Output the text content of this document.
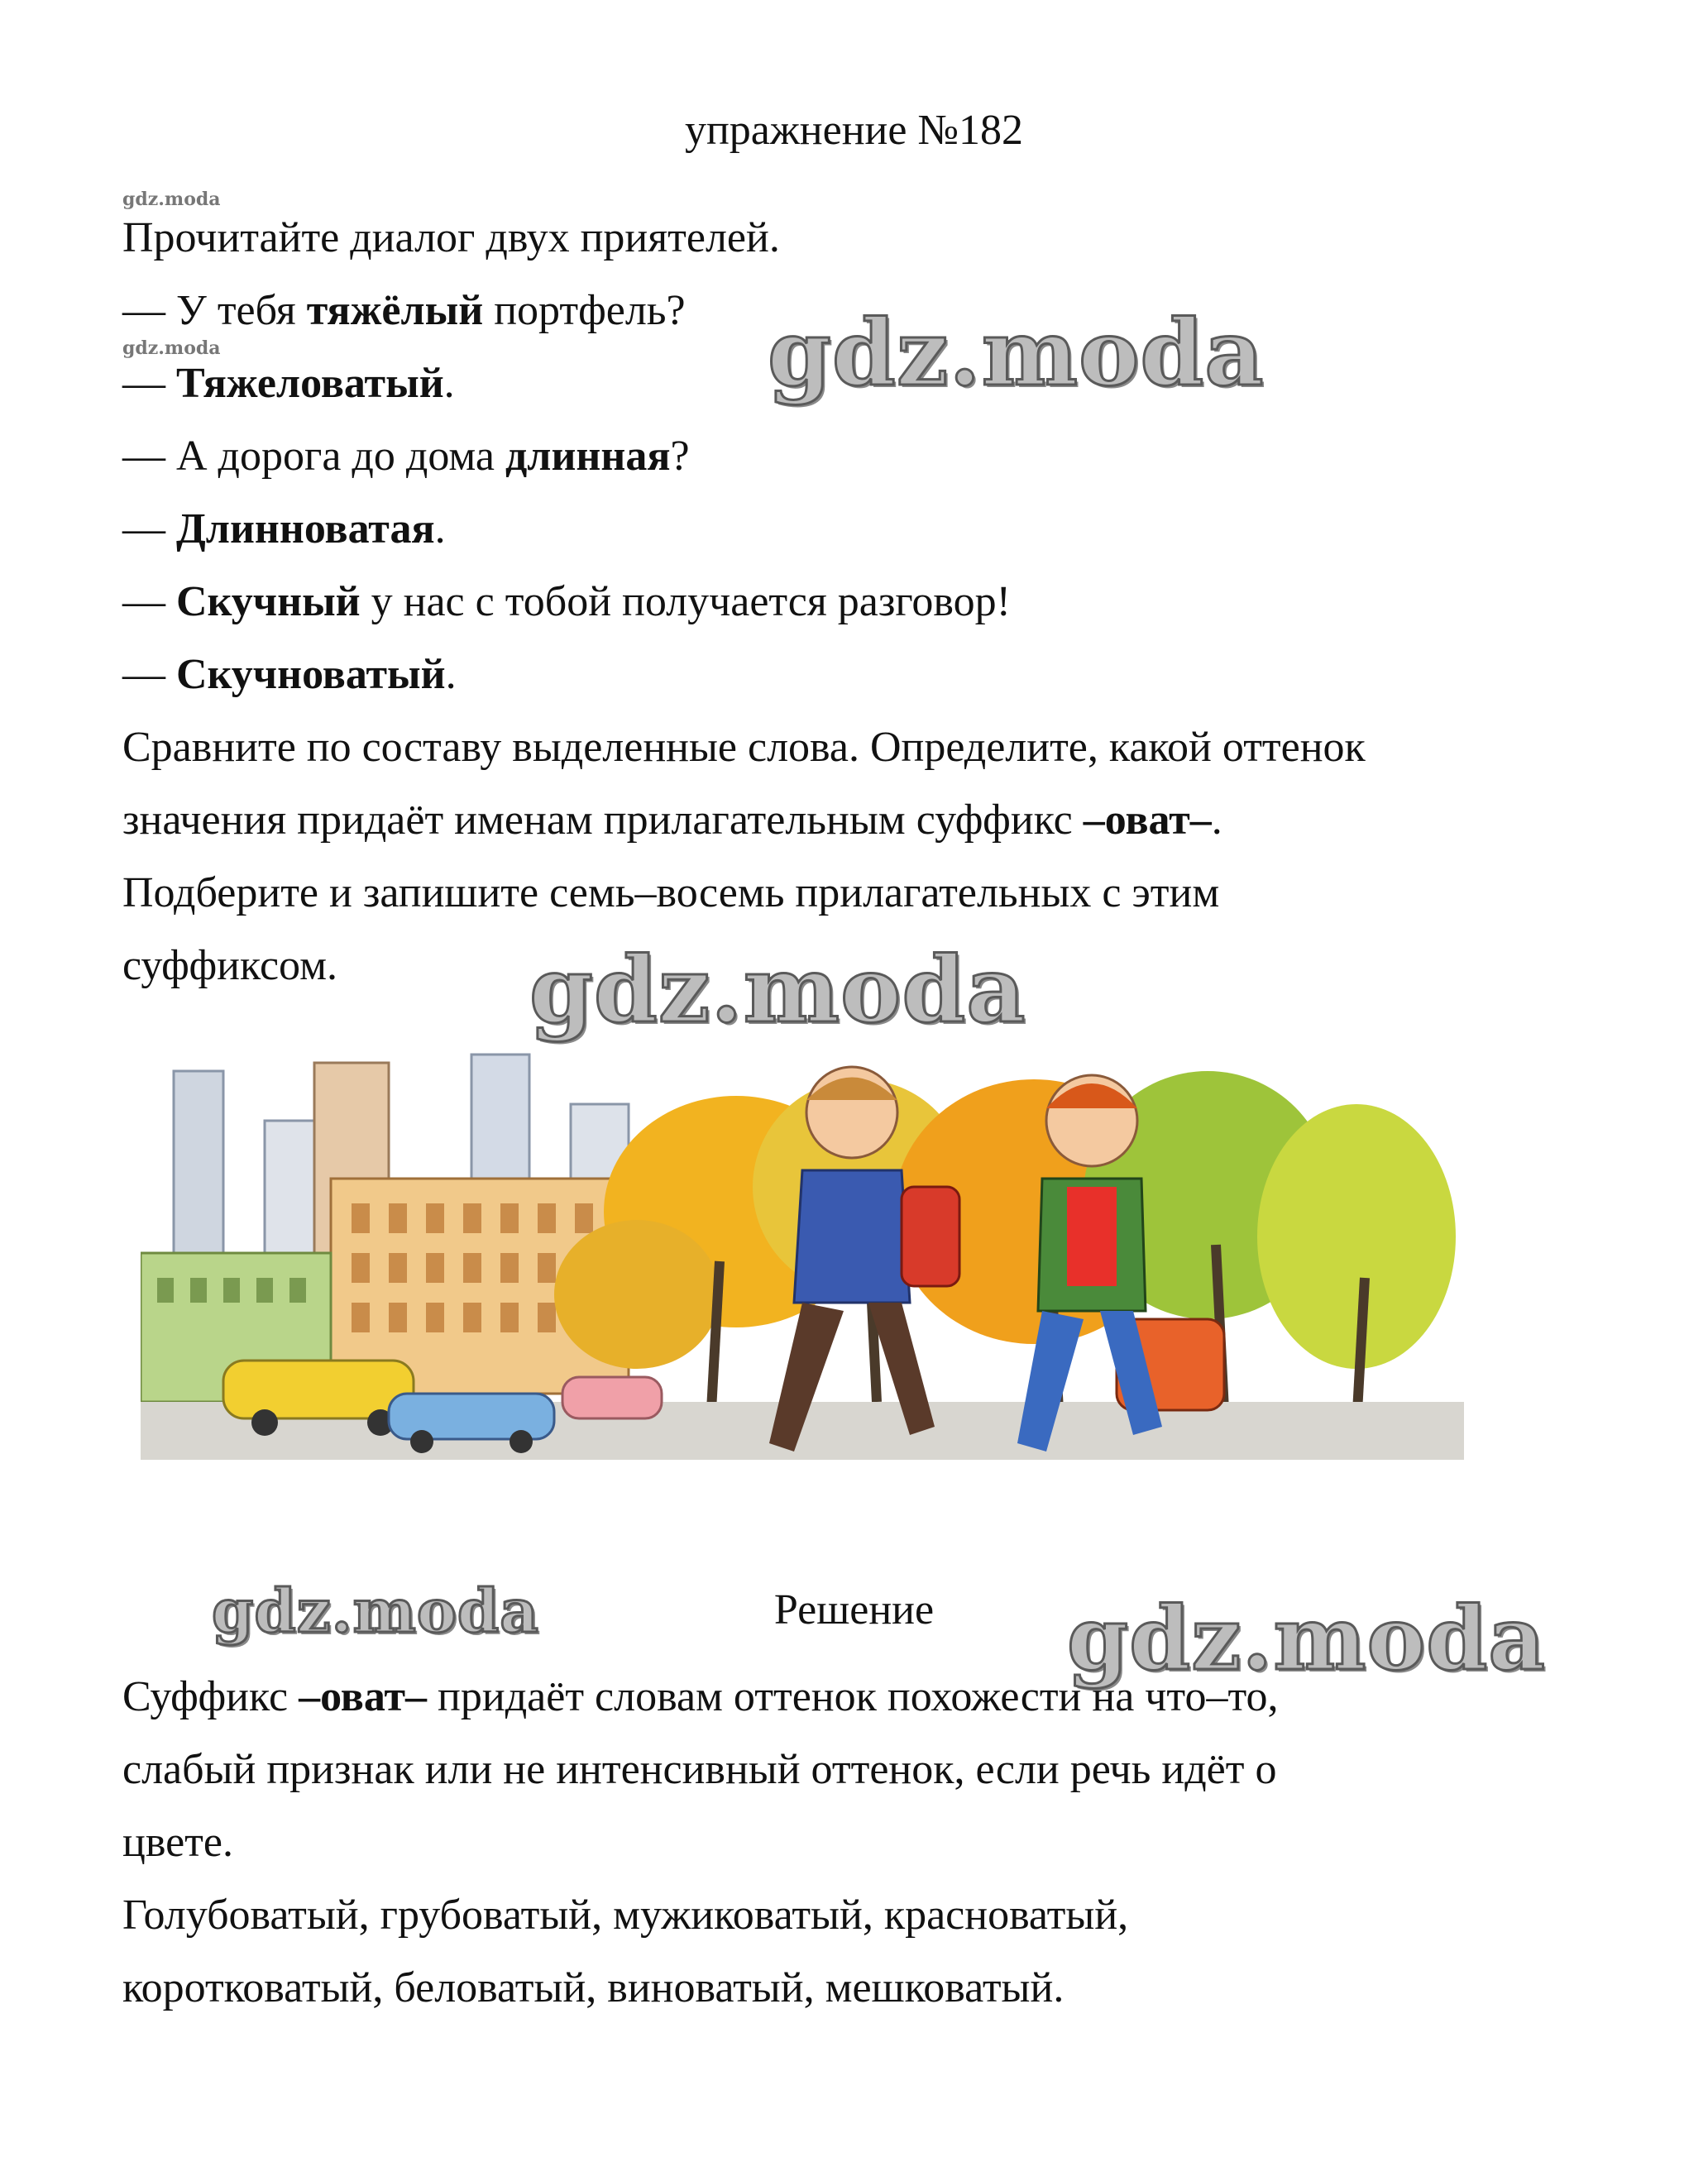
упражнение №182
gdz.moda
gdz.moda	gdz.moda
gdz.moda
gdz.moda	gdz.moda
Прочитайте диалог двух приятелей.
— У тебя тяжёлый портфель?
— Тяжеловатый.
— А дорога до дома длинная?
— Длинноватая.
— Скучный у нас с тобой получается разговор!
— Скучноватый.
Сравните по составу выделенные слова. Определите, какой оттенок
значения придаёт именам прилагательным суффикс –оват–.
Подберите и запишите семь–восемь прилагательных с этим
суффиксом.
Решение
Суффикс –оват– придаёт словам оттенок похожести на что–то,
слабый признак или не интенсивный оттенок, если речь идёт о
цвете.
Голубоватый, грубоватый, мужиковатый, красноватый,
коротковатый, беловатый, виноватый, мешковатый.
